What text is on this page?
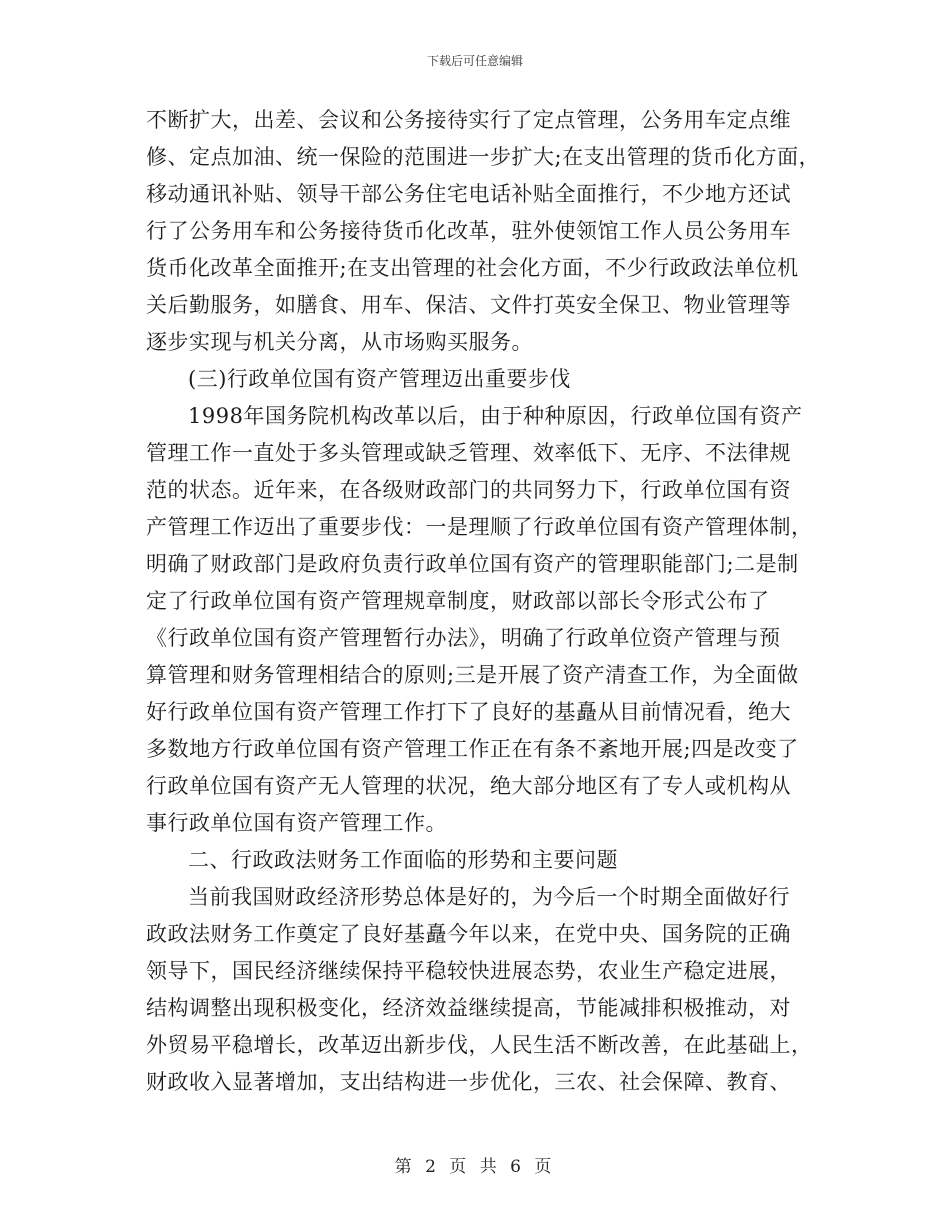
下载后可任意编辑
不断扩大，出差、会议和公务接待实行了定点管理，公务用车定点维
修、定点加油、统一保险的范围进一步扩大;在支出管理的货币化方面，
移动通讯补贴、领导干部公务住宅电话补贴全面推行，不少地方还试
行了公务用车和公务接待货币化改革，驻外使领馆工作人员公务用车
货币化改革全面推开;在支出管理的社会化方面，不少行政政法单位机
关后勤服务，如膳食、用车、保洁、文件打英安全保卫、物业管理等
逐步实现与机关分离，从市场购买服务。
(三)行政单位国有资产管理迈出重要步伐
1998年国务院机构改革以后，由于种种原因，行政单位国有资产
管理工作一直处于多头管理或缺乏管理、效率低下、无序、不法律规
范的状态。近年来，在各级财政部门的共同努力下，行政单位国有资
产管理工作迈出了重要步伐：一是理顺了行政单位国有资产管理体制，
明确了财政部门是政府负责行政单位国有资产的管理职能部门;二是制
定了行政单位国有资产管理规章制度，财政部以部长令形式公布了
《行政单位国有资产管理暂行办法》，明确了行政单位资产管理与预
算管理和财务管理相结合的原则;三是开展了资产清查工作，为全面做
好行政单位国有资产管理工作打下了良好的基矗从目前情况看，绝大
多数地方行政单位国有资产管理工作正在有条不紊地开展;四是改变了
行政单位国有资产无人管理的状况，绝大部分地区有了专人或机构从
事行政单位国有资产管理工作。
二、行政政法财务工作面临的形势和主要问题
当前我国财政经济形势总体是好的，为今后一个时期全面做好行
政政法财务工作奠定了良好基矗今年以来，在党中央、国务院的正确
领导下，国民经济继续保持平稳较快进展态势，农业生产稳定进展，
结构调整出现积极变化，经济效益继续提高，节能减排积极推动，对
外贸易平稳增长，改革迈出新步伐，人民生活不断改善，在此基础上，
财政收入显著增加，支出结构进一步优化，三农、社会保障、教育、
第 2 页 共 6 页
